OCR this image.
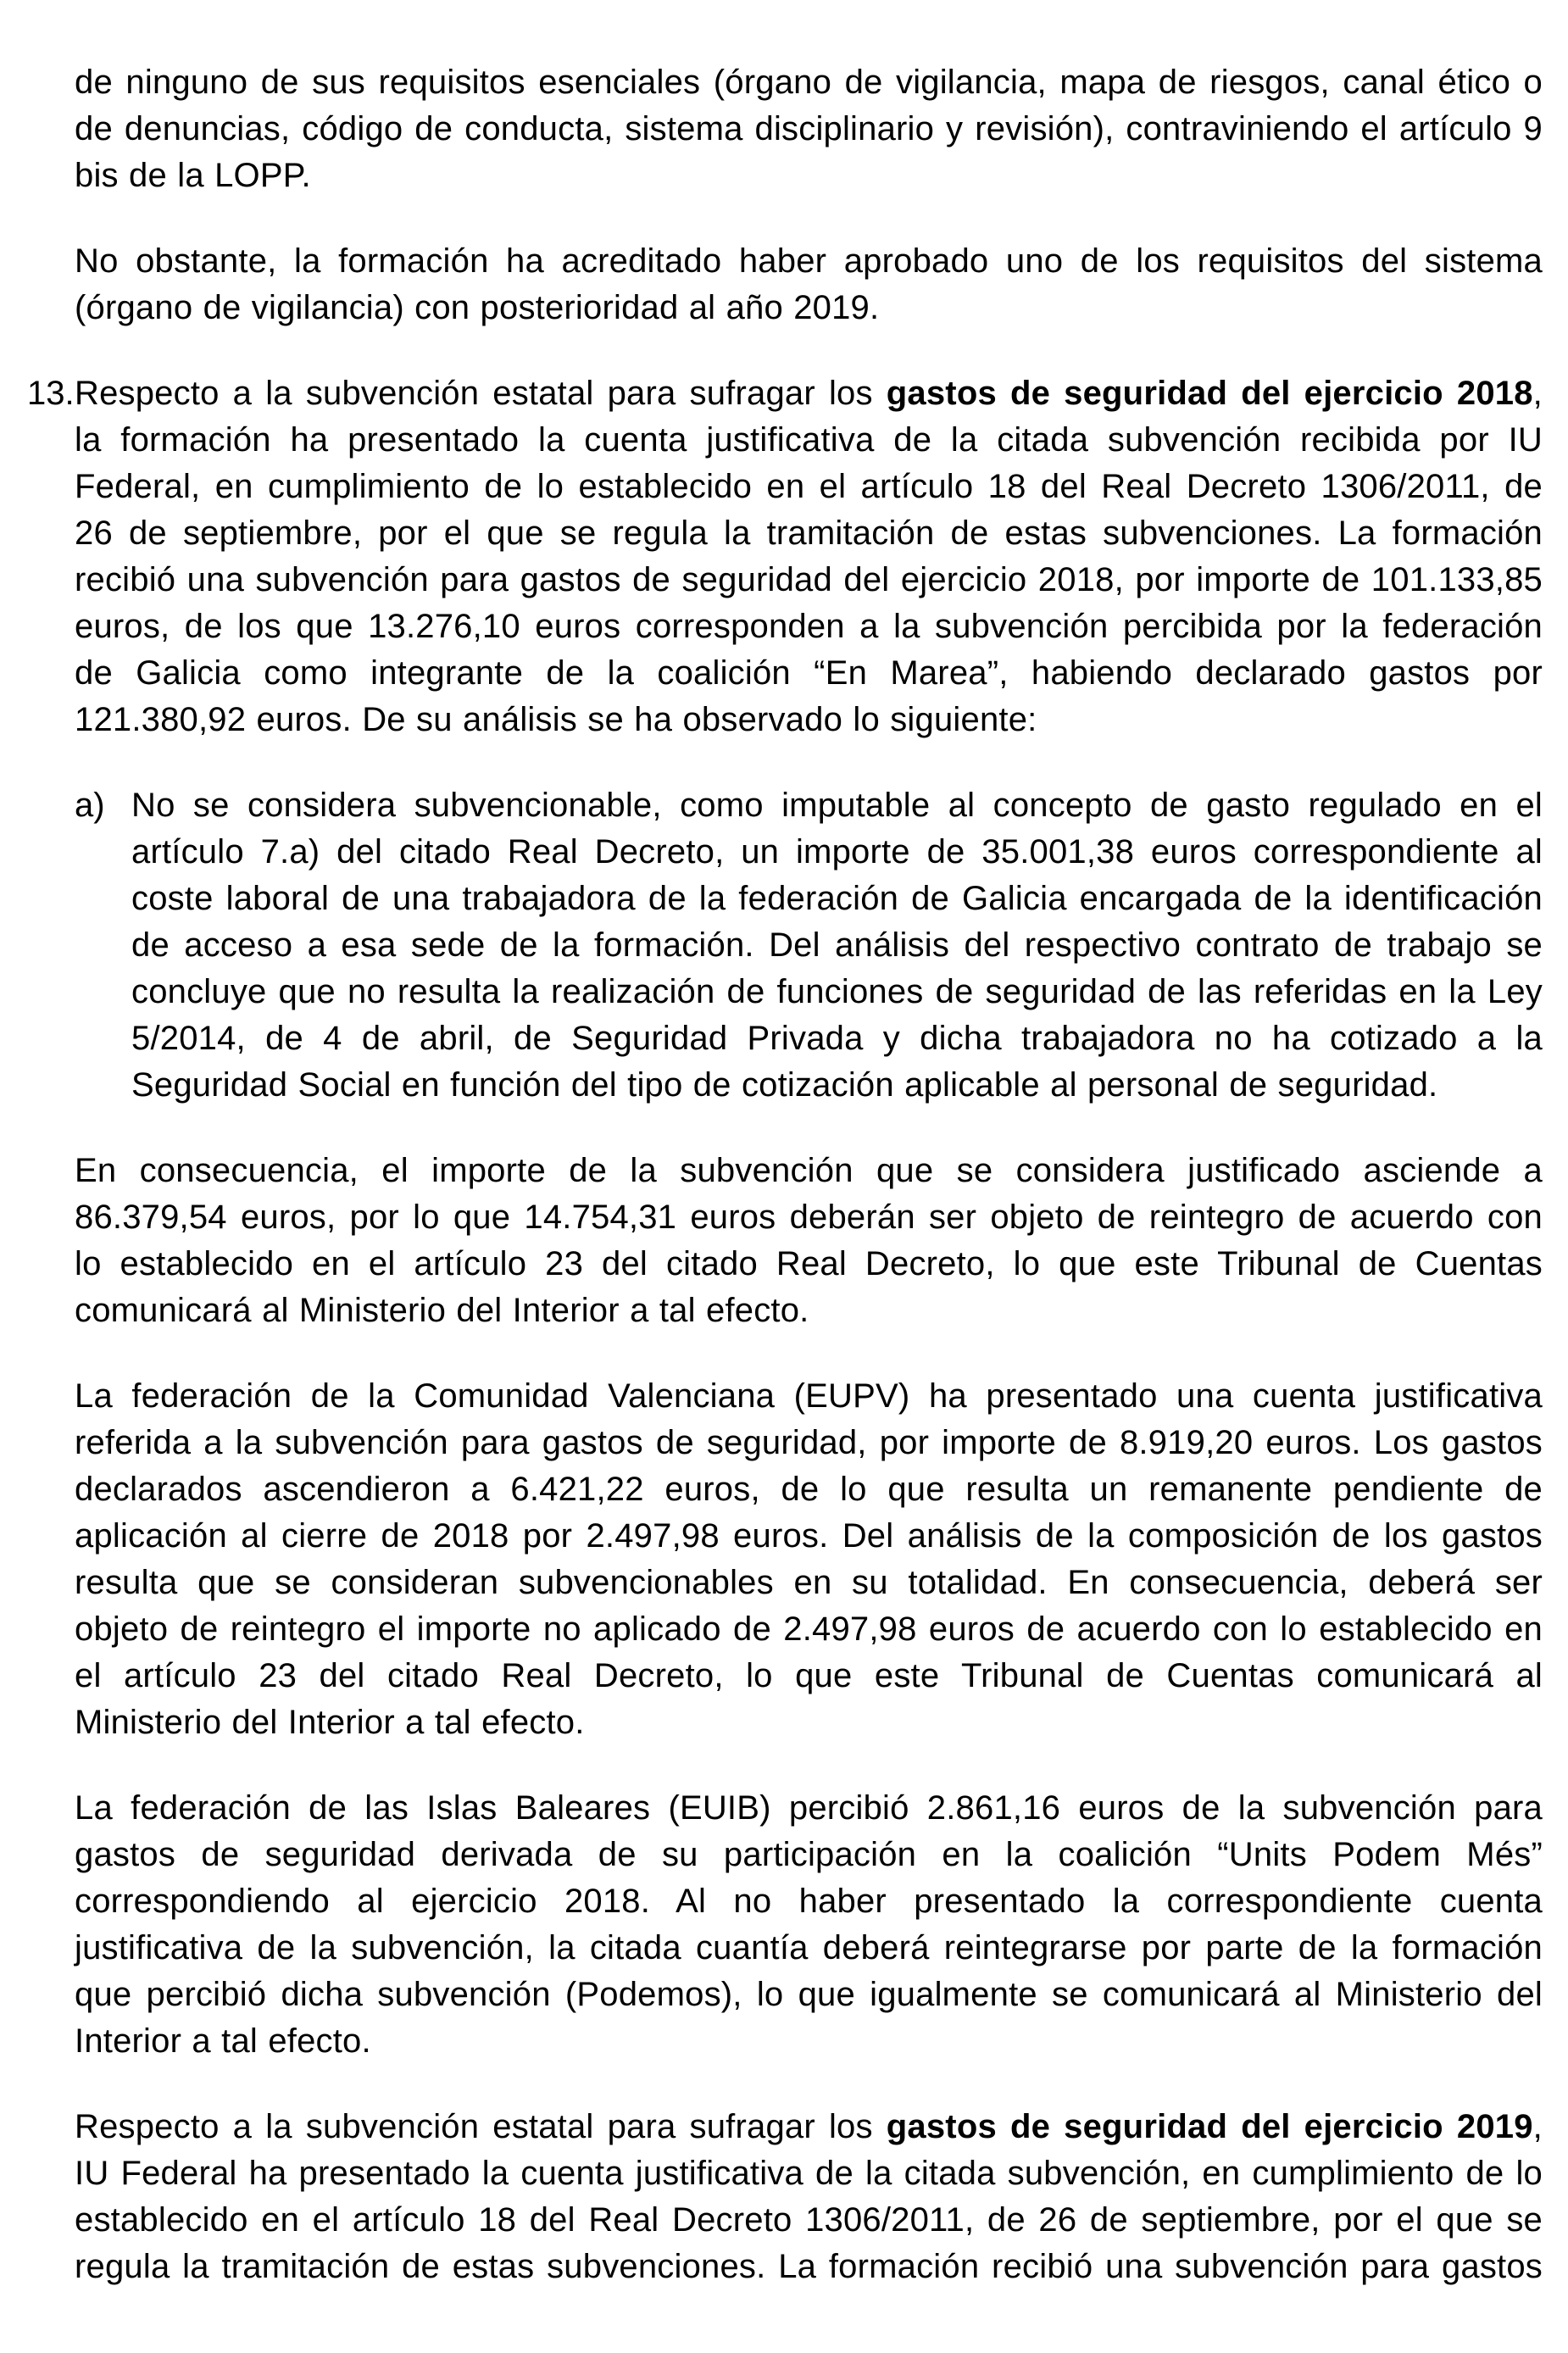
de ninguno de sus requisitos esenciales (órgano de vigilancia, mapa de riesgos, canal ético o
de denuncias, código de conducta, sistema disciplinario y revisión), contraviniendo el artículo 9
bis de la LOPP.
No obstante, la formación ha acreditado haber aprobado uno de los requisitos del sistema
(órgano de vigilancia) con posterioridad al año 2019.
13. Respecto a la subvención estatal para sufragar los gastos de seguridad del ejercicio 2018,
la formación ha presentado la cuenta justificativa de la citada subvención recibida por IU
Federal, en cumplimiento de lo establecido en el artículo 18 del Real Decreto 1306/2011, de
26 de septiembre, por el que se regula la tramitación de estas subvenciones. La formación
recibió una subvención para gastos de seguridad del ejercicio 2018, por importe de 101.133,85
euros, de los que 13.276,10 euros corresponden a la subvención percibida por la federación
de Galicia como integrante de la coalición “En Marea”, habiendo declarado gastos por
121.380,92 euros. De su análisis se ha observado lo siguiente:
a) No se considera subvencionable, como imputable al concepto de gasto regulado en el
artículo 7.a) del citado Real Decreto, un importe de 35.001,38 euros correspondiente al
coste laboral de una trabajadora de la federación de Galicia encargada de la identificación
de acceso a esa sede de la formación. Del análisis del respectivo contrato de trabajo se
concluye que no resulta la realización de funciones de seguridad de las referidas en la Ley
5/2014, de 4 de abril, de Seguridad Privada y dicha trabajadora no ha cotizado a la
Seguridad Social en función del tipo de cotización aplicable al personal de seguridad.
En consecuencia, el importe de la subvención que se considera justificado asciende a
86.379,54 euros, por lo que 14.754,31 euros deberán ser objeto de reintegro de acuerdo con
lo establecido en el artículo 23 del citado Real Decreto, lo que este Tribunal de Cuentas
comunicará al Ministerio del Interior a tal efecto.
La federación de la Comunidad Valenciana (EUPV) ha presentado una cuenta justificativa
referida a la subvención para gastos de seguridad, por importe de 8.919,20 euros. Los gastos
declarados ascendieron a 6.421,22 euros, de lo que resulta un remanente pendiente de
aplicación al cierre de 2018 por 2.497,98 euros. Del análisis de la composición de los gastos
resulta que se consideran subvencionables en su totalidad. En consecuencia, deberá ser
objeto de reintegro el importe no aplicado de 2.497,98 euros de acuerdo con lo establecido en
el artículo 23 del citado Real Decreto, lo que este Tribunal de Cuentas comunicará al
Ministerio del Interior a tal efecto.
La federación de las Islas Baleares (EUIB) percibió 2.861,16 euros de la subvención para
gastos de seguridad derivada de su participación en la coalición “Units Podem Més”
correspondiendo al ejercicio 2018. Al no haber presentado la correspondiente cuenta
justificativa de la subvención, la citada cuantía deberá reintegrarse por parte de la formación
que percibió dicha subvención (Podemos), lo que igualmente se comunicará al Ministerio del
Interior a tal efecto.
Respecto a la subvención estatal para sufragar los gastos de seguridad del ejercicio 2019,
IU Federal ha presentado la cuenta justificativa de la citada subvención, en cumplimiento de lo
establecido en el artículo 18 del Real Decreto 1306/2011, de 26 de septiembre, por el que se
regula la tramitación de estas subvenciones. La formación recibió una subvención para gastos
